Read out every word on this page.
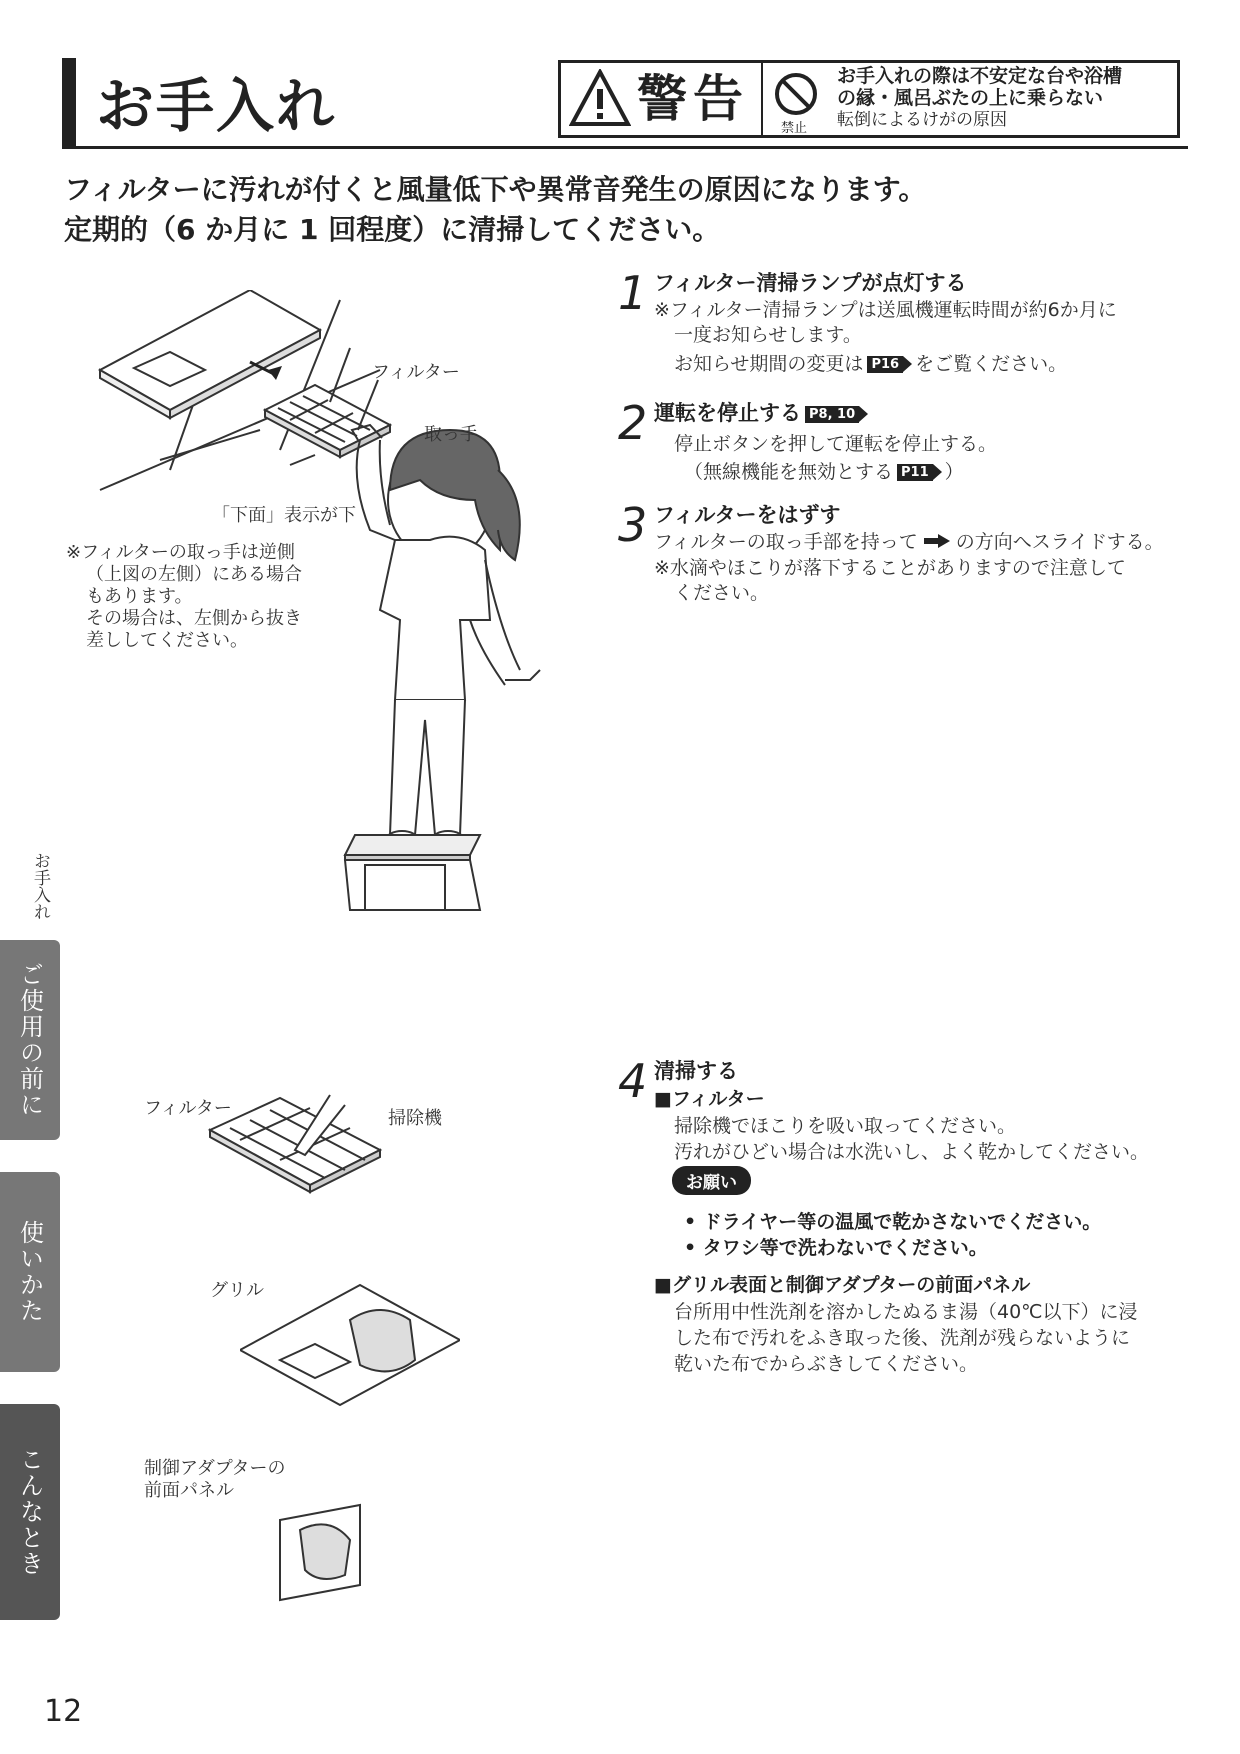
お手入れ	警告
禁止
お手入れの際は不安定な台や浴槽
の縁・風呂ぶたの上に乗らない
転倒によるけがの原因
フィルターに汚れが付くと風量低下や異常音発生の原因になります。
定期的（6 か月に 1 回程度）に清掃してください。
1 フィルター清掃ランプが点灯する
※フィルター清掃ランプは送風機運転時間が約6か月に
一度お知らせします。
お知らせ期間の変更は P16 をご覧ください。
2 運転を停止する P8, 10
停止ボタンを押して運転を停止する。
（無線機能を無効とする P11 ）
3 フィルターをはずす
フィルターの取っ手部を持って の方向へスライドする。
※水滴やほこりが落下することがありますので注意して
ください。
4 清掃する
■フィルター
掃除機でほこりを吸い取ってください。
汚れがひどい場合は水洗いし、よく乾かしてください。
お願い
• ドライヤー等の温風で乾かさないでください。
• タワシ等で洗わないでください。
■グリル表面と制御アダプターの前面パネル
台所用中性洗剤を溶かしたぬるま湯（40℃以下）に浸
した布で汚れをふき取った後、洗剤が残らないように
乾いた布でからぶきしてください。
フィルター
取っ手
「下面」表示が下
※フィルターの取っ手は逆側
（上図の左側）にある場合
もあります。
その場合は、左側から抜き
差ししてください。
フィルター	掃除機
グリル
制御アダプターの
前面パネル
お手入れ
ご使用の前に
使いかた
こんなとき
12
